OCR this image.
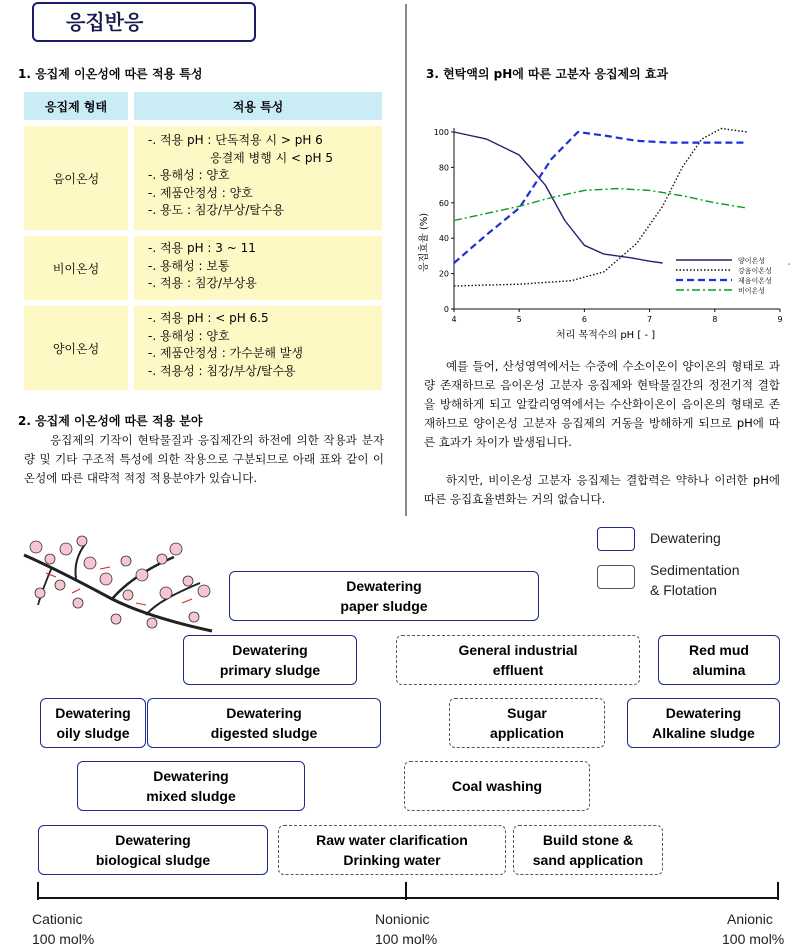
응집반응
1. 응집제 이온성에 따른 적용 특성
응집제 형태	적용 특성
음이온성
-. 적용 pH : 단독적용 시 > pH 6
응결제 병행 시 < pH 5
-. 용해성 : 양호
-. 제품안정성 : 양호
-. 용도 : 침강/부상/탈수용
비이온성
-. 적용 pH : 3 ~ 11
-. 용해성 : 보통
-. 적용 : 침강/부상용
양이온성
-. 적용 pH : < pH 6.5
-. 용해성 : 양호
-. 제품안정성 : 가수분해 발생
-. 적용성 : 침강/부상/탈수용
2. 응집제 이온성에 따른 적용 분야
응집제의 기작이 현탁물질과 응집제간의 하전에 의한 작용과 분자량 및 기타 구조적 특성에 의한 작용으로 구분되므로 아래 표와 같이 이온성에 따른 대략적 적정 적용분야가 있습니다.
3. 현탁액의 pH에 따른 고분자 응집제의 효과
4	5	6	7	8	9
0
20
40
60
80
100
응집효율 (%)
처리 목적수의 pH [ - ]
ﾟ
양이온성
강음이온성
제음이온성
비이온성
예를 들어, 산성영역에서는 수중에 수소이온이 양이온의 형태로 과량 존재하므로 음이온성 고분자 응집제와 현탁물질간의 정전기적 결합을 방해하게 되고 알칼리영역에서는 수산화이온이 음이온의 형태로 존재하므로 양이온성 고분자 응집제의 거동을 방해하게 되므로 pH에 따른 효과가 차이가 발생됩니다.
하지만, 비이온성 고분자 응집제는 결합력은 약하나 이러한 pH에 따른 응집효율변화는 거의 없습니다.
Dewatering
Sedimentation
& Flotation
Dewatering
paper sludge
Dewatering
primary sludge
General industrial
effluent
Red mud
alumina
Dewatering
oily sludge
Dewatering
digested sludge
Sugar
application
Dewatering
Alkaline sludge
Dewatering
mixed sludge
Coal washing
Dewatering
biological sludge
Raw water clarification
Drinking water
Build stone &
sand application
Cationic
100 mol%
Nonionic
100 mol%
Anionic
100 mol%
